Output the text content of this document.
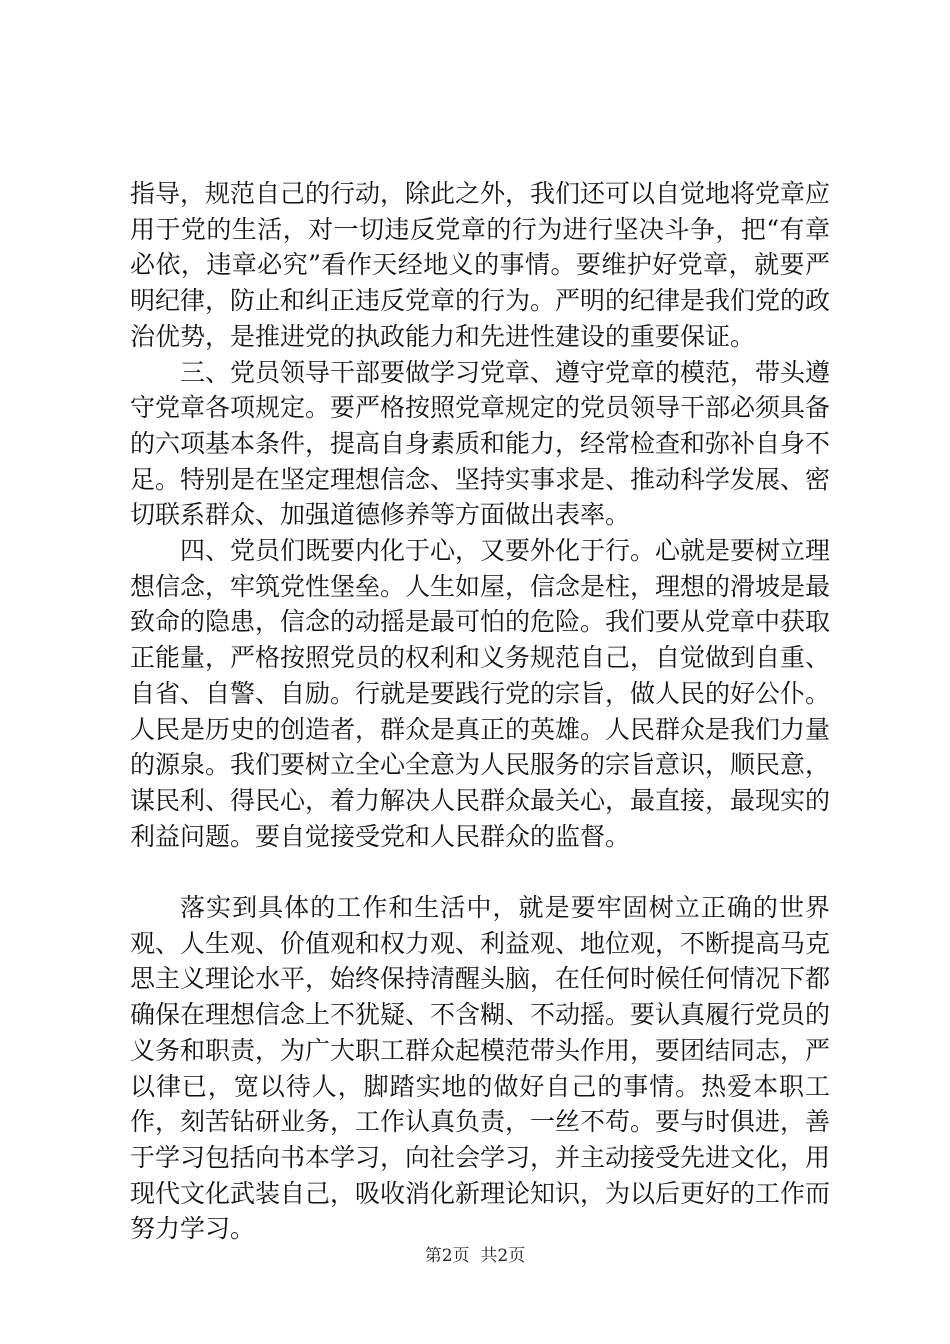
指导，规范自己的行动，除此之外，我们还可以自觉地将党章应用于党的生活，对一切违反党章的行为进行坚决斗争，把“有章必依，违章必究”看作天经地义的事情。要维护好党章，就要严明纪律，防止和纠正违反党章的行为。严明的纪律是我们党的政治优势，是推进党的执政能力和先进性建设的重要保证。

三、党员领导干部要做学习党章、遵守党章的模范，带头遵守党章各项规定。要严格按照党章规定的党员领导干部必须具备的六项基本条件，提高自身素质和能力，经常检查和弥补自身不足。特别是在坚定理想信念、坚持实事求是、推动科学发展、密切联系群众、加强道德修养等方面做出表率。

四、党员们既要内化于心，又要外化于行。心就是要树立理想信念，牢筑党性堡垒。人生如屋，信念是柱，理想的滑坡是最致命的隐患，信念的动摇是最可怕的危险。我们要从党章中获取正能量，严格按照党员的权利和义务规范自己，自觉做到自重、自省、自警、自励。行就是要践行党的宗旨，做人民的好公仆。人民是历史的创造者，群众是真正的英雄。人民群众是我们力量的源泉。我们要树立全心全意为人民服务的宗旨意识，顺民意，谋民利、得民心，着力解决人民群众最关心，最直接，最现实的利益问题。要自觉接受党和人民群众的监督。

落实到具体的工作和生活中，就是要牢固树立正确的世界观、人生观、价值观和权力观、利益观、地位观，不断提高马克思主义理论水平，始终保持清醒头脑，在任何时候任何情况下都确保在理想信念上不犹疑、不含糊、不动摇。要认真履行党员的义务和职责，为广大职工群众起模范带头作用，要团结同志，严以律已，宽以待人，脚踏实地的做好自己的事情。热爱本职工作，刻苦钻研业务，工作认真负责，一丝不苟。要与时俱进，善于学习包括向书本学习，向社会学习，并主动接受先进文化，用现代文化武装自己，吸收消化新理论知识，为以后更好的工作而努力学习。

第2页  共2页
